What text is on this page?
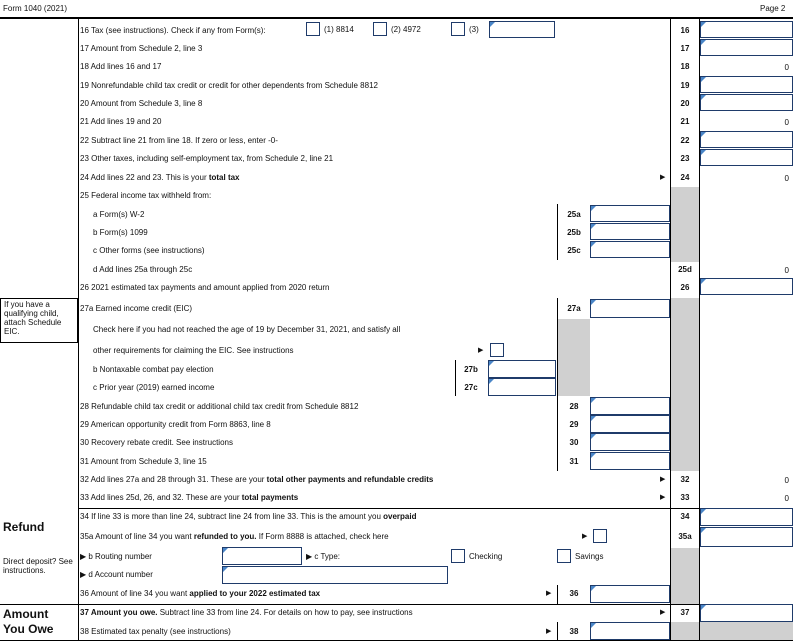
Form 1040 (2021)	Page 2
16 Tax (see instructions). Check if any from Form(s):	(1) 8814	(2) 4972	(3)	16
17 Amount from Schedule 2, line 3	17
18 Add lines 16 and 17	18	0
19 Nonrefundable child tax credit or credit for other dependents from Schedule 8812	19
20 Amount from Schedule 3, line 8	20
21 Add lines 19 and 20	21	0
22 Subtract line 21 from line 18. If zero or less, enter -0-	22
23 Other taxes, including self-employment tax, from Schedule 2, line 21	23
24 Add lines 22 and 23. This is your total tax	▶	24	0
25 Federal income tax withheld from:
a Form(s) W-2	25a
b Form(s) 1099	25b
c Other forms (see instructions)	25c
d Add lines 25a through 25c	25d	0
26 2021 estimated tax payments and amount applied from 2020 return	26
If you have a qualifying child, attach Schedule EIC.
27a Earned income credit (EIC)	27a
Check here if you had not reached the age of 19 by December 31, 2021, and satisfy all
other requirements for claiming the EIC. See instructions	▶
b Nontaxable combat pay election	27b
c Prior year (2019) earned income	27c
28 Refundable child tax credit or additional child tax credit from Schedule 8812	28
29 American opportunity credit from Form 8863, line 8	29
30 Recovery rebate credit. See instructions	30
31 Amount from Schedule 3, line 15	31
32 Add lines 27a and 28 through 31. These are your total other payments and refundable credits	▶	32	0
33 Add lines 25d, 26, and 32. These are your total payments	▶	33	0
Refund
34 If line 33 is more than line 24, subtract line 24 from line 33. This is the amount you overpaid	34
35a Amount of line 34 you want refunded to you. If Form 8888 is attached, check here	▶	35a
Direct deposit? See instructions.
▶ b Routing number	▶ c Type:	Checking	Savings
▶ d Account number
36 Amount of line 34 you want applied to your 2022 estimated tax	▶	36
Amount
You Owe
37 Amount you owe. Subtract line 33 from line 24. For details on how to pay, see instructions	▶	37
38 Estimated tax penalty (see instructions)	▶	38
